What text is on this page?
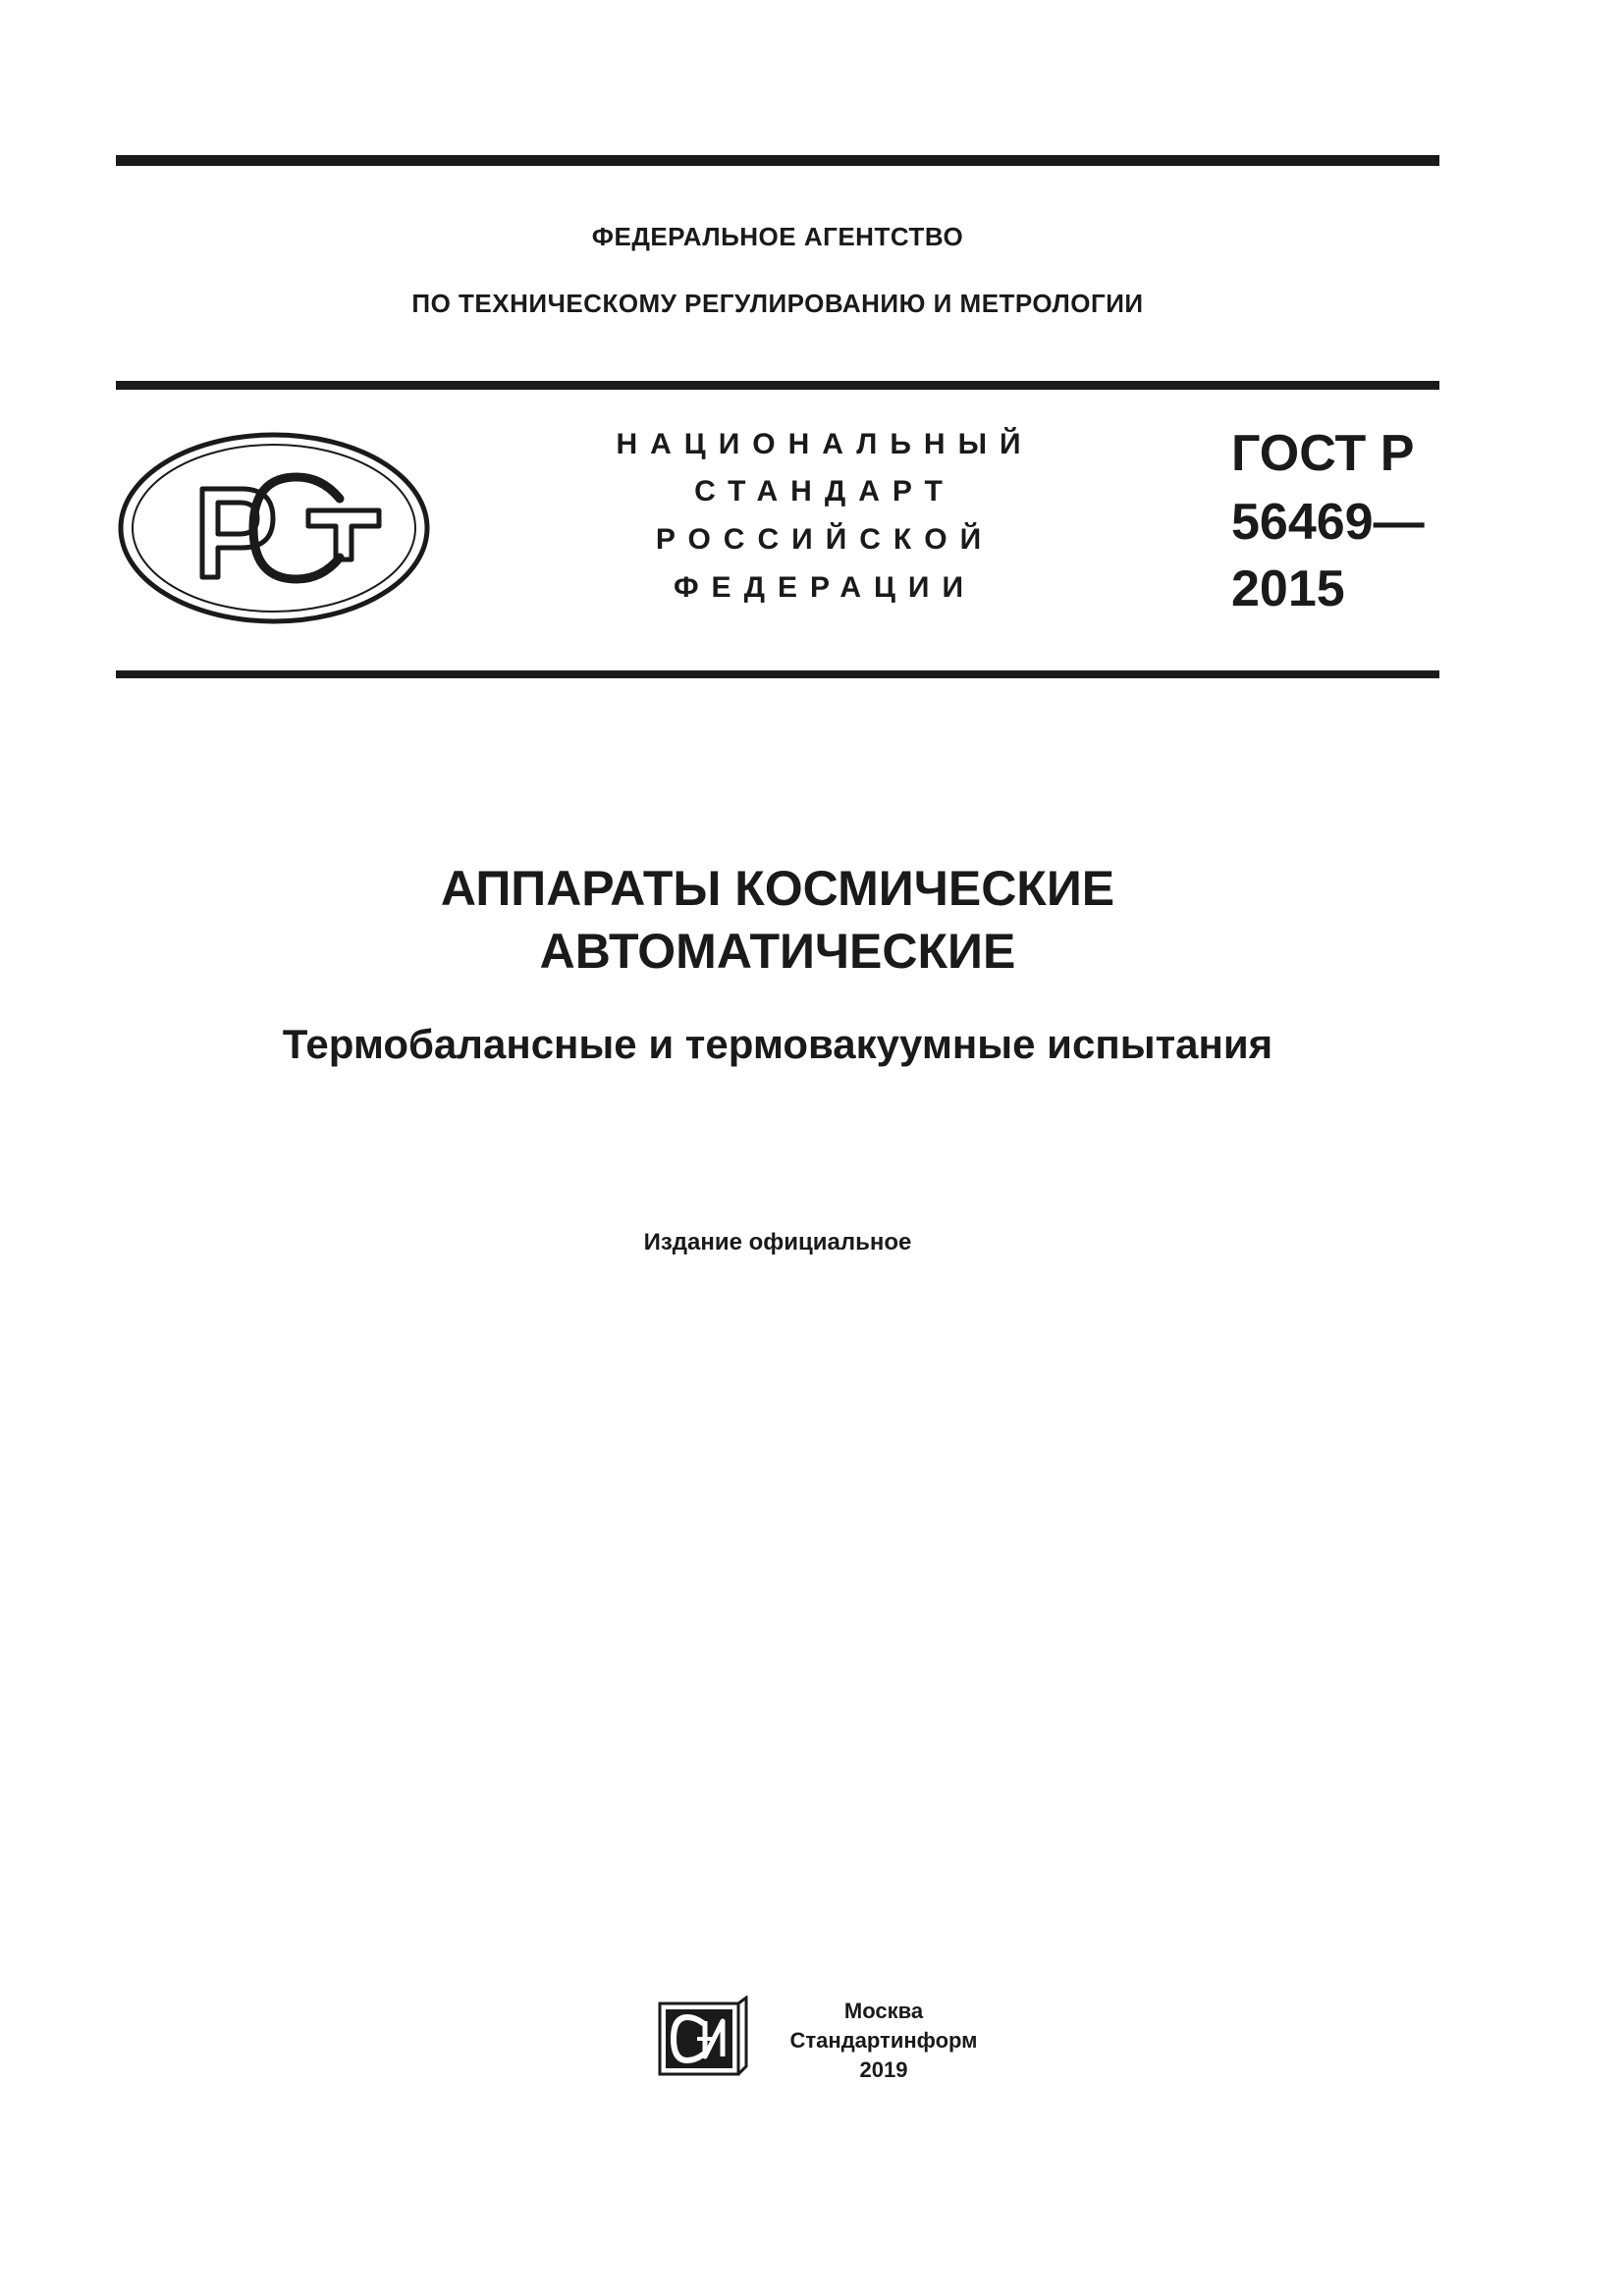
ФЕДЕРАЛЬНОЕ АГЕНТСТВО
ПО ТЕХНИЧЕСКОМУ РЕГУЛИРОВАНИЮ И МЕТРОЛОГИИ
НАЦИОНАЛЬНЫЙ
СТАНДАРТ
РОССИЙСКОЙ
ФЕДЕРАЦИИ
ГОСТ Р
56469—
2015
АППАРАТЫ КОСМИЧЕСКИЕ
АВТОМАТИЧЕСКИЕ
Термобалансные и термовакуумные испытания
Издание официальное
Москва
Стандартинформ
2019
